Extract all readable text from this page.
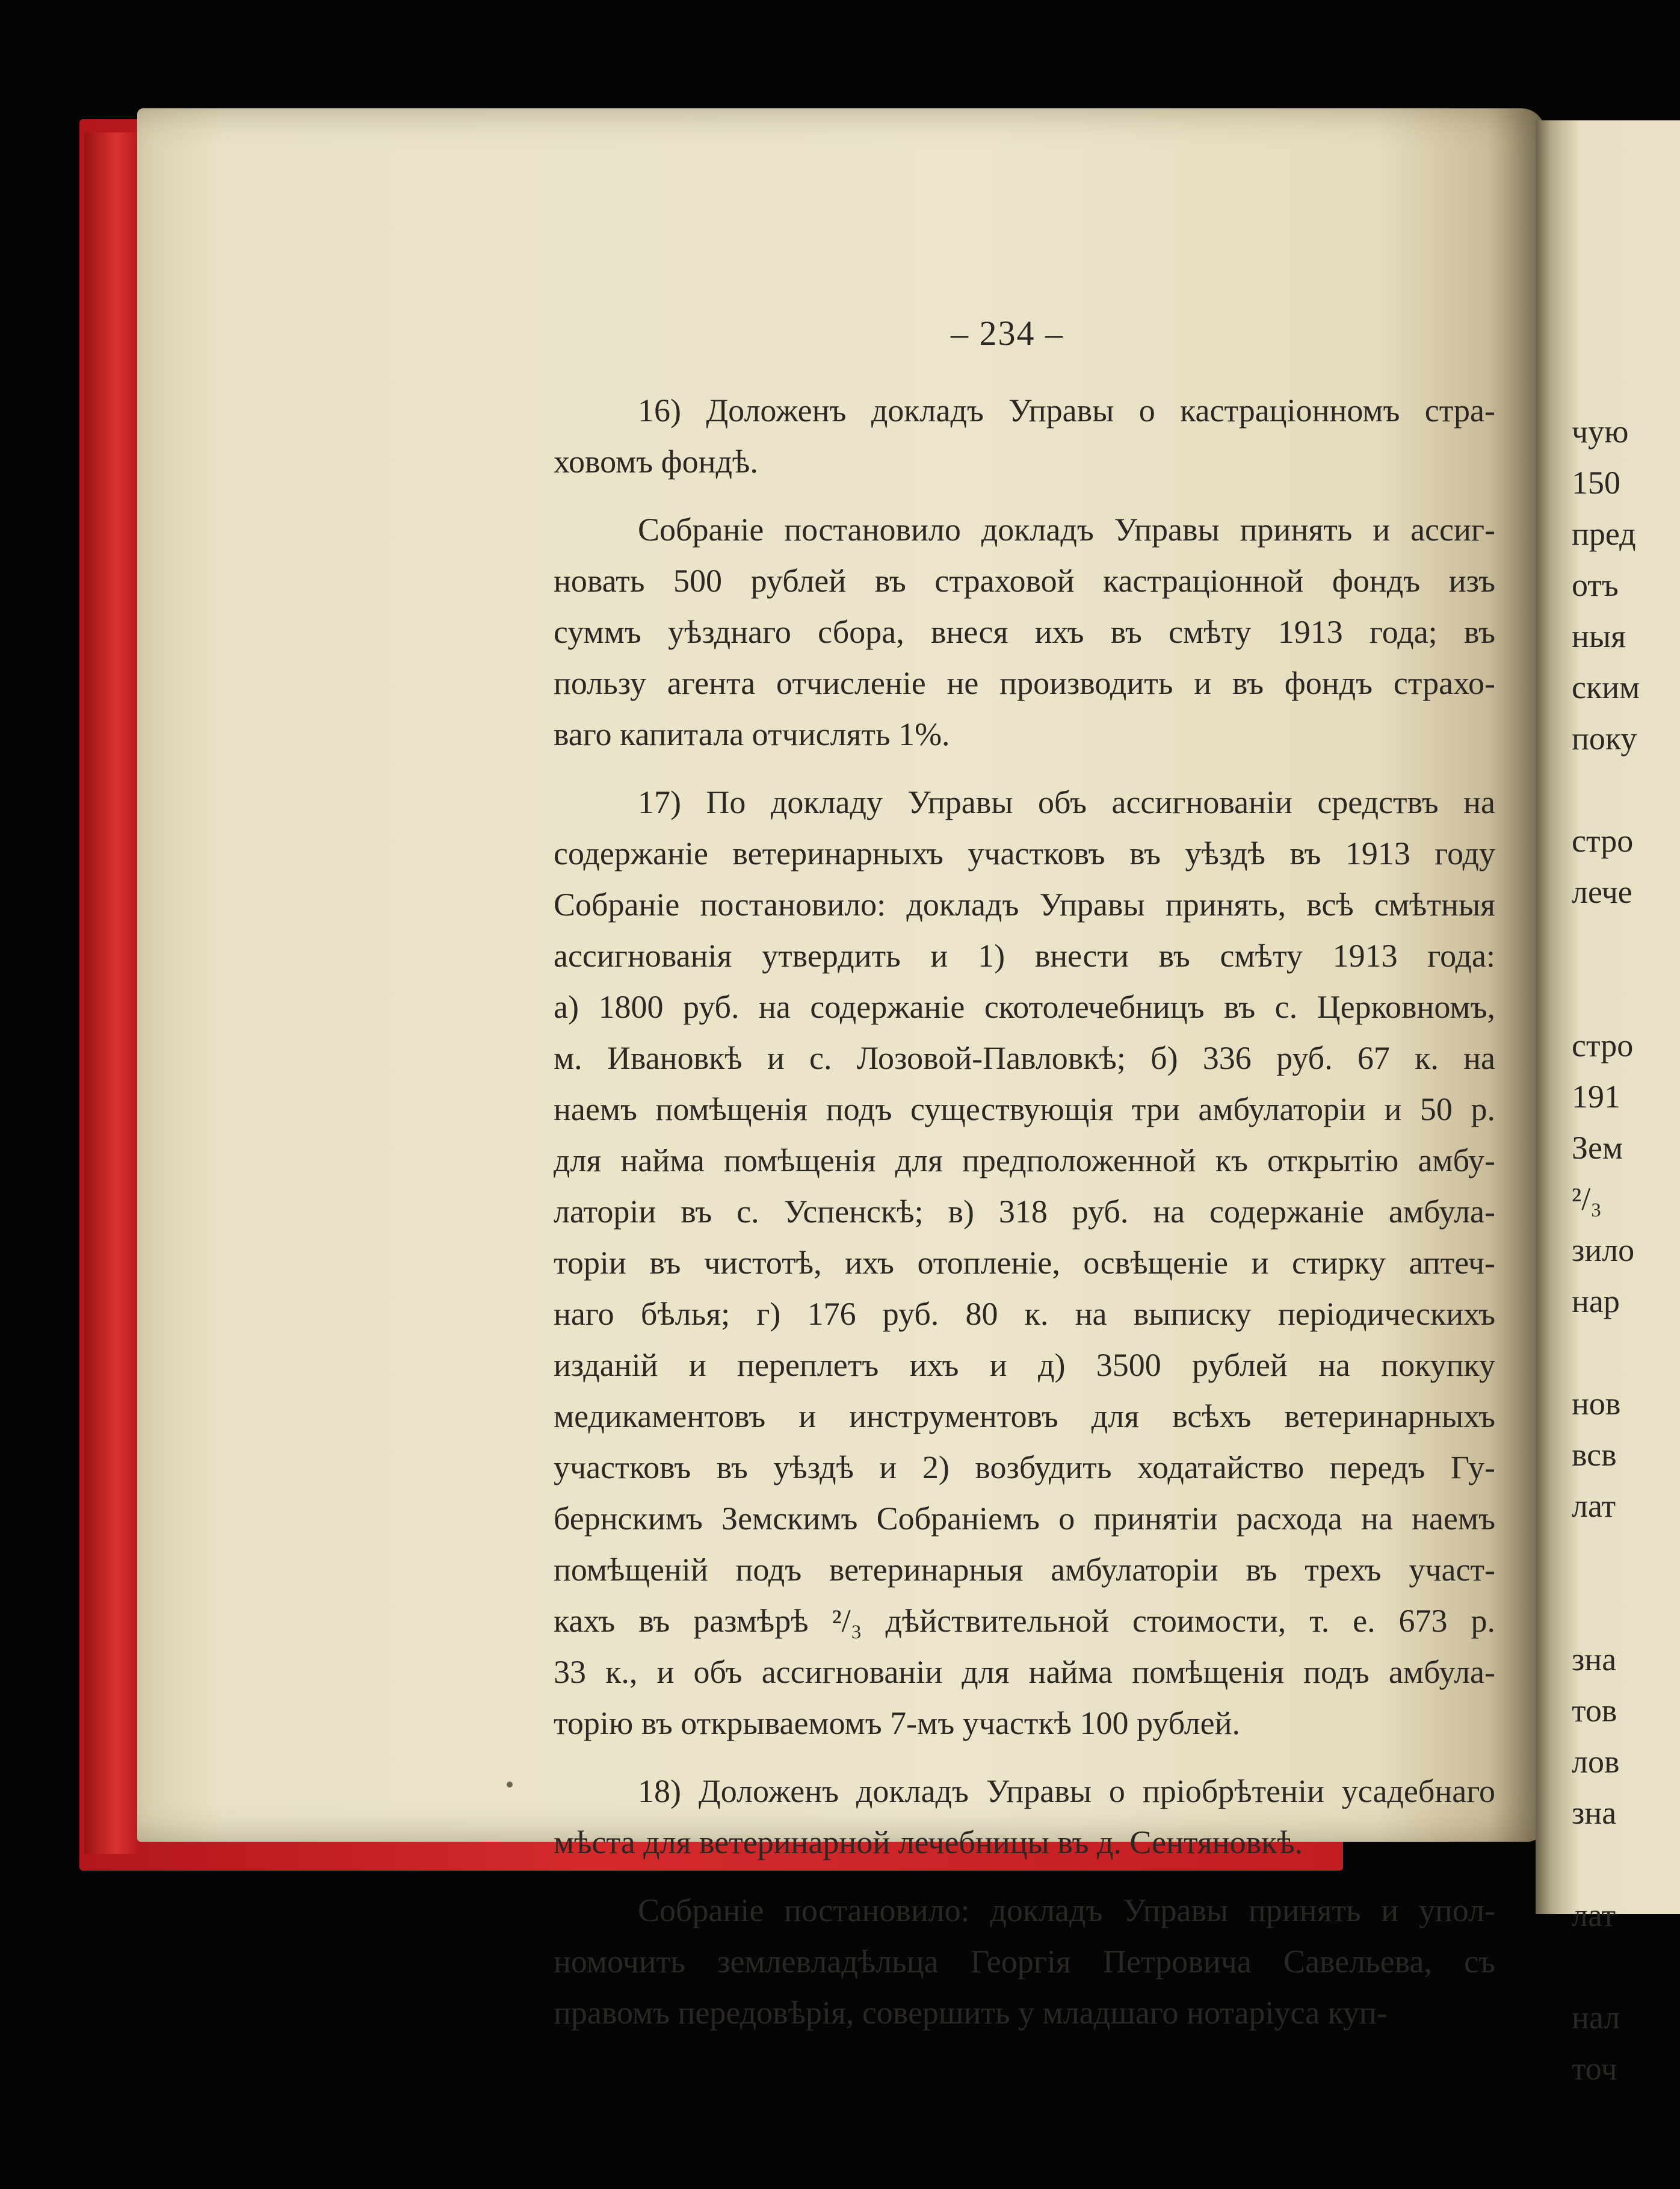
– 234 –
16) Доложенъ докладъ Управы о кастраціонномъ стра-
ховомъ фондѣ.
Собраніе постановило докладъ Управы принять и ассиг-
новать 500 рублей въ страховой кастраціонной фондъ изъ
суммъ уѣзднаго сбора, внеся ихъ въ смѣту 1913 года; въ
пользу агента отчисленіе не производить и въ фондъ страхо-
ваго капитала отчислять 1%.
17) По докладу Управы объ ассигнованіи средствъ на
содержаніе ветеринарныхъ участковъ въ уѣздѣ въ 1913 году
Собраніе постановило: докладъ Управы принять, всѣ смѣтныя
ассигнованія утвердить и 1) внести въ смѣту 1913 года:
а) 1800 руб. на содержаніе скотолечебницъ въ с. Церковномъ,
м. Ивановкѣ и с. Лозовой-Павловкѣ; б) 336 руб. 67 к. на
наемъ помѣщенія подъ существующія три амбулаторіи и 50 р.
для найма помѣщенія для предположенной къ открытію амбу-
латоріи въ с. Успенскѣ; в) 318 руб. на содержаніе амбула-
торіи въ чистотѣ, ихъ отопленіе, освѣщеніе и стирку аптеч-
наго бѣлья; г) 176 руб. 80 к. на выписку періодическихъ
изданій и переплетъ ихъ и д) 3500 рублей на покупку
медикаментовъ и инструментовъ для всѣхъ ветеринарныхъ
участковъ въ уѣздѣ и 2) возбудить ходатайство передъ Гу-
бернскимъ Земскимъ Собраніемъ о принятіи расхода на наемъ
помѣщеній подъ ветеринарныя амбулаторіи въ трехъ участ-
кахъ въ размѣрѣ ²/₃ дѣйствительной стоимости, т. е. 673 р.
33 к., и объ ассигнованіи для найма помѣщенія подъ амбула-
торію въ открываемомъ 7-мъ участкѣ 100 рублей.
18) Доложенъ докладъ Управы о пріобрѣтеніи усадебнаго
мѣста для ветеринарной лечебницы въ д. Сентяновкѣ.
Собраніе постановило: докладъ Управы принять и упол-
номочить землевладѣльца Георгія Петровича Савельева, съ
правомъ передовѣрія, совершить у младшаго нотаріуса куп-
чую
150
пред
отъ
ныя
ским
поку
стро
лече
стро
191
Зем
²/₃
зило
нар
нов
всв
лат
зна
тов
лов
зна
лат
нал
точ
